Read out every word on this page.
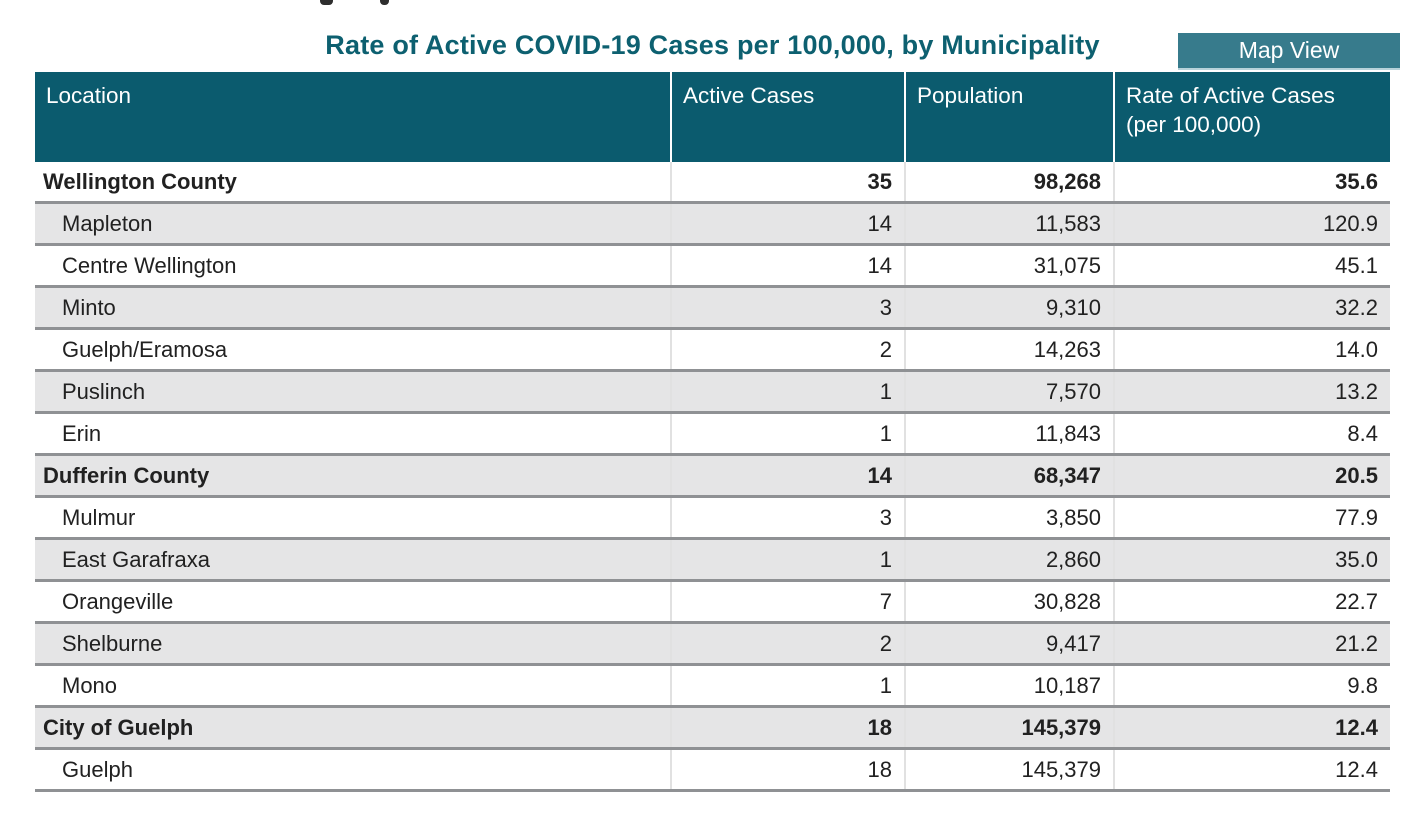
Rate of Active COVID-19 Cases per 100,000, by Municipality	Map View
Location	Active Cases	Population	Rate of Active Cases (per 100,000)
Wellington County	35	98,268	35.6
Mapleton	14	11,583	120.9
Centre Wellington	14	31,075	45.1
Minto	3	9,310	32.2
Guelph/Eramosa	2	14,263	14.0
Puslinch	1	7,570	13.2
Erin	1	11,843	8.4
Dufferin County	14	68,347	20.5
Mulmur	3	3,850	77.9
East Garafraxa	1	2,860	35.0
Orangeville	7	30,828	22.7
Shelburne	2	9,417	21.2
Mono	1	10,187	9.8
City of Guelph	18	145,379	12.4
Guelph	18	145,379	12.4
